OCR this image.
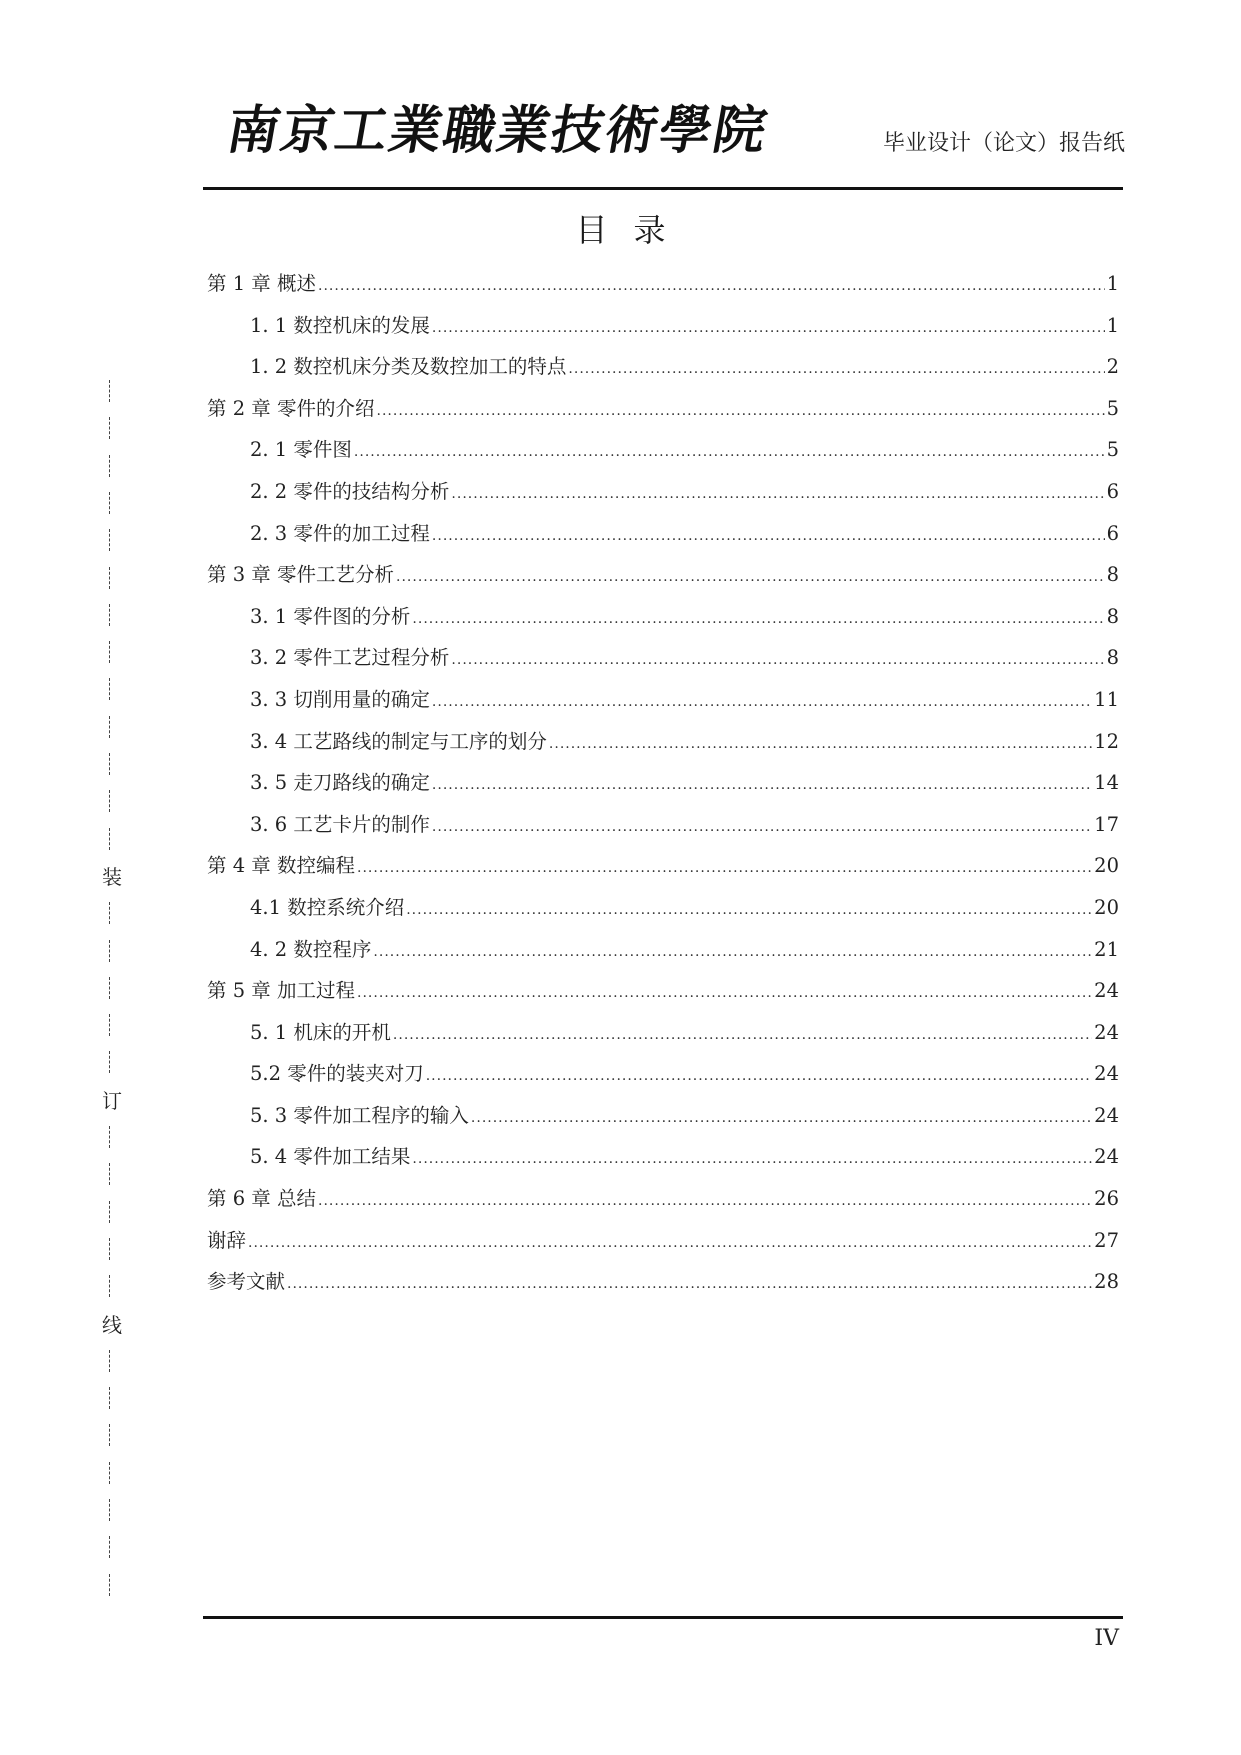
南京工業職業技術學院	毕业设计（论文）报告纸
目录
第 1 章 概述 .....	1
1. 1 数控机床的发展 .....	1
1. 2 数控机床分类及数控加工的特点 .....	2
第 2 章 零件的介绍 .....	5
2. 1 零件图 .....	5
2. 2 零件的技结构分析 .....	6
2. 3 零件的加工过程 .....	6
第 3 章 零件工艺分析 .....	8
3. 1 零件图的分析 .....	8
3. 2 零件工艺过程分析 .....	8
3. 3 切削用量的确定 .....	11
3. 4 工艺路线的制定与工序的划分 .....	12
3. 5 走刀路线的确定 .....	14
3. 6 工艺卡片的制作 .....	17
第 4 章 数控编程 .....	20
4.1 数控系统介绍 .....	20
4. 2 数控程序 .....	21
第 5 章 加工过程 .....	24
5. 1 机床的开机 .....	24
5.2 零件的装夹对刀 .....	24
5. 3 零件加工程序的输入 .....	24
5. 4 零件加工结果 .....	24
第 6 章 总结 .....	26
谢辞 .....	27
参考文献 .....	28
装
订
线
IV
